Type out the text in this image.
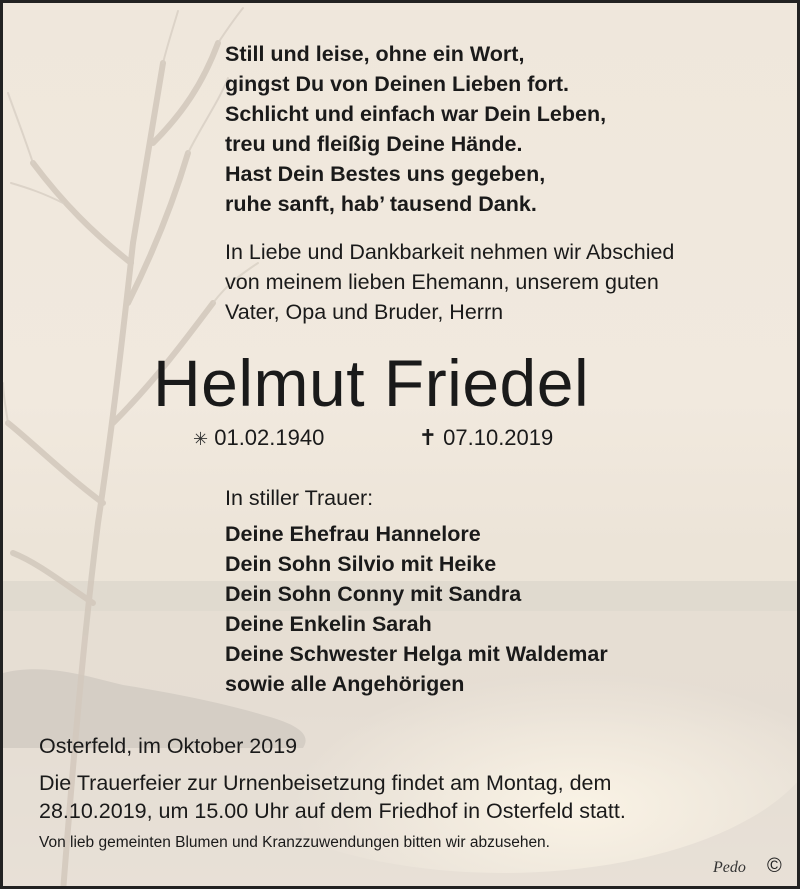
Still und leise, ohne ein Wort,
gingst Du von Deinen Lieben fort.
Schlicht und einfach war Dein Leben,
treu und fleißig Deine Hände.
Hast Dein Bestes uns gegeben,
ruhe sanft, hab’ tausend Dank.
In Liebe und Dankbarkeit nehmen wir Abschied
von meinem lieben Ehemann, unserem guten
Vater, Opa und Bruder, Herrn
Helmut Friedel
✳ 01.02.1940	✝ 07.10.2019
In stiller Trauer:
Deine Ehefrau Hannelore
Dein Sohn Silvio mit Heike
Dein Sohn Conny mit Sandra
Deine Enkelin Sarah
Deine Schwester Helga mit Waldemar
sowie alle Angehörigen
Osterfeld, im Oktober 2019
Die Trauerfeier zur Urnenbeisetzung findet am Montag, dem
28.10.2019, um 15.00 Uhr auf dem Friedhof in Osterfeld statt.
Von lieb gemeinten Blumen und Kranzzuwendungen bitten wir abzusehen.
Pedo ©
